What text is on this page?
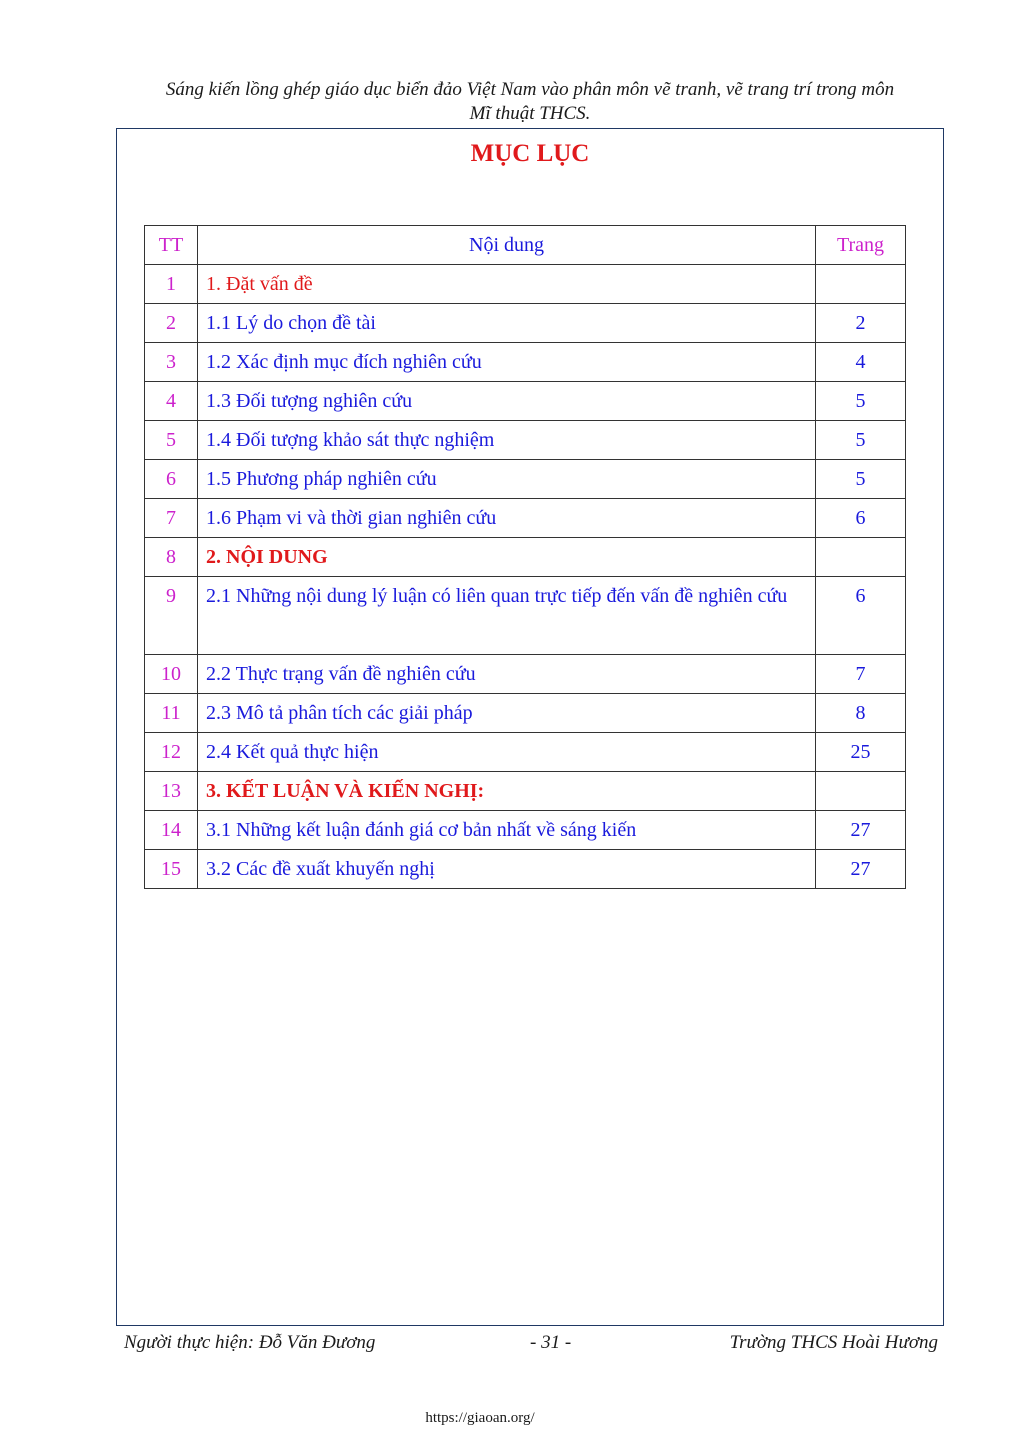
Sáng kiến lồng ghép giáo dục biển đảo Việt Nam vào phân môn vẽ tranh, vẽ trang trí trong môn
Mĩ thuật THCS.
MỤC LỤC
TT	Nội dung	Trang
1	1. Đặt vấn đề	
2	1.1 Lý do chọn đề tài	2
3	1.2 Xác định mục đích nghiên cứu	4
4	1.3 Đối tượng nghiên cứu	5
5	1.4 Đối tượng khảo sát thực nghiệm	5
6	1.5 Phương pháp nghiên cứu	5
7	1.6 Phạm vi và thời gian nghiên cứu	6
8	2. NỘI DUNG	
9	2.1 Những nội dung lý luận có liên quan trực tiếp đến vấn đề nghiên cứu	6
10	2.2 Thực trạng vấn đề nghiên cứu	7
11	2.3 Mô tả phân tích các giải pháp	8
12	2.4 Kết quả thực hiện	25
13	3. KẾT LUẬN VÀ KIẾN NGHỊ:	
14	3.1 Những kết luận đánh giá cơ bản nhất về sáng kiến	27
15	3.2 Các đề xuất khuyến nghị	27
Người thực hiện: Đỗ Văn Đương	- 31 -	Trường THCS Hoài Hương
https://giaoan.org/
